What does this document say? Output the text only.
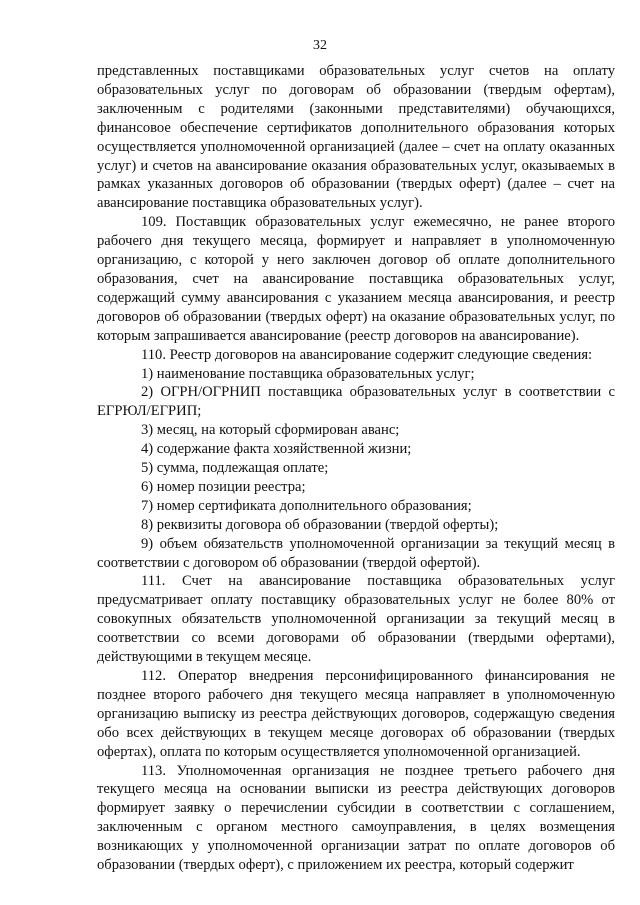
32

представленных поставщиками образовательных услуг счетов на оплату образовательных услуг по договорам об образовании (твердым офертам), заключенным с родителями (законными представителями) обучающихся, финансовое обеспечение сертификатов дополнительного образования которых осуществляется уполномоченной организацией (далее – счет на оплату оказанных услуг) и счетов на авансирование оказания образовательных услуг, оказываемых в рамках указанных договоров об образовании (твердых оферт) (далее – счет на авансирование поставщика образовательных услуг).

109. Поставщик образовательных услуг ежемесячно, не ранее второго рабочего дня текущего месяца, формирует и направляет в уполномоченную организацию, с которой у него заключен договор об оплате дополнительного образования, счет на авансирование поставщика образовательных услуг, содержащий сумму авансирования с указанием месяца авансирования, и реестр договоров об образовании (твердых оферт) на оказание образовательных услуг, по которым запрашивается авансирование (реестр договоров на авансирование).

110. Реестр договоров на авансирование содержит следующие сведения:

1) наименование поставщика образовательных услуг;

2) ОГРН/ОГРНИП поставщика образовательных услуг в соответствии с ЕГРЮЛ/ЕГРИП;

3) месяц, на который сформирован аванс;

4) содержание факта хозяйственной жизни;

5) сумма, подлежащая оплате;

6) номер позиции реестра;

7) номер сертификата дополнительного образования;

8) реквизиты договора об образовании (твердой оферты);

9) объем обязательств уполномоченной организации за текущий месяц в соответствии с договором об образовании (твердой офертой).

111. Счет на авансирование поставщика образовательных услуг предусматривает оплату поставщику образовательных услуг не более 80% от совокупных обязательств уполномоченной организации за текущий месяц в соответствии со всеми договорами об образовании (твердыми офертами), действующими в текущем месяце.

112. Оператор внедрения персонифицированного финансирования не позднее второго рабочего дня текущего месяца направляет в уполномоченную организацию выписку из реестра действующих договоров, содержащую сведения обо всех действующих в текущем месяце договорах об образовании (твердых офертах), оплата по которым осуществляется уполномоченной организацией.

113. Уполномоченная организация не позднее третьего рабочего дня текущего месяца на основании выписки из реестра действующих договоров формирует заявку о перечислении субсидии в соответствии с соглашением, заключенным с органом местного самоуправления, в целях возмещения возникающих у уполномоченной организации затрат по оплате договоров об образовании (твердых оферт), с приложением их реестра, который содержит
